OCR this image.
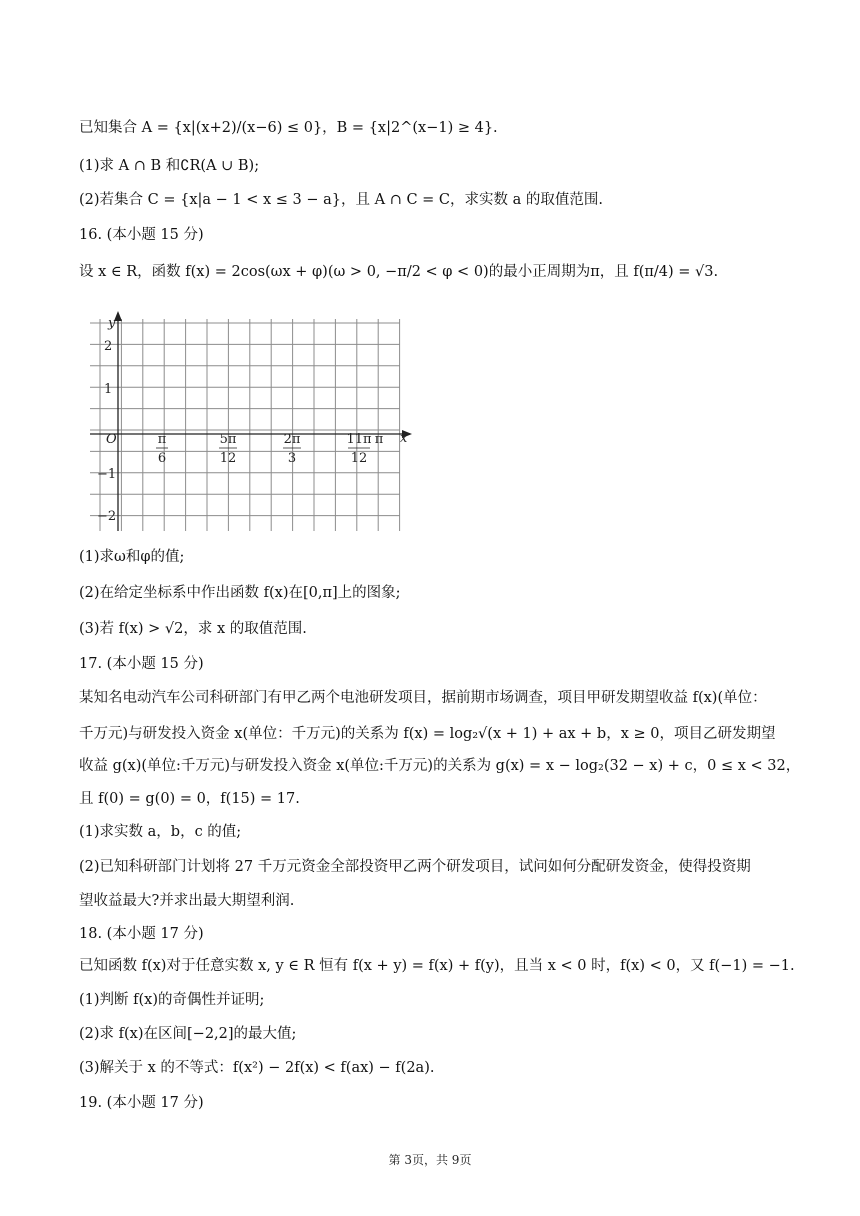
已知集合 A = {x|(x+2)/(x−6) ≤ 0}，B = {x|2^(x−1) ≥ 4}.
(1)求 A ∩ B 和∁R(A ∪ B);
(2)若集合 C = {x|a − 1 < x ≤ 3 − a}，且 A ∩ C = C，求实数 a 的取值范围.
16. (本小题 15 分)
设 x ∈ R，函数 f(x) = 2cos(ωx + φ)(ω > 0, −π/2 < φ < 0)的最小正周期为π，且 f(π/4) = √3.
y
x
O
2
1
−1
−2
π
6
5π
12
2π
3
11π
12
π
(1)求ω和φ的值;
(2)在给定坐标系中作出函数 f(x)在[0,π]上的图象;
(3)若 f(x) > √2，求 x 的取值范围.
17. (本小题 15 分)
某知名电动汽车公司科研部门有甲乙两个电池研发项目，据前期市场调查，项目甲研发期望收益 f(x)(单位：
千万元)与研发投入资金 x(单位：千万元)的关系为 f(x) = log₂√(x + 1) + ax + b，x ≥ 0，项目乙研发期望
收益 g(x)(单位:千万元)与研发投入资金 x(单位:千万元)的关系为 g(x) = x − log₂(32 − x) + c，0 ≤ x < 32，
且 f(0) = g(0) = 0，f(15) = 17.
(1)求实数 a，b，c 的值;
(2)已知科研部门计划将 27 千万元资金全部投资甲乙两个研发项目，试问如何分配研发资金，使得投资期
望收益最大?并求出最大期望利润.
18. (本小题 17 分)
已知函数 f(x)对于任意实数 x, y ∈ R 恒有 f(x + y) = f(x) + f(y)，且当 x < 0 时，f(x) < 0，又 f(−1) = −1.
(1)判断 f(x)的奇偶性并证明;
(2)求 f(x)在区间[−2,2]的最大值;
(3)解关于 x 的不等式：f(x²) − 2f(x) < f(ax) − f(2a).
19. (本小题 17 分)
第 3页，共 9页
